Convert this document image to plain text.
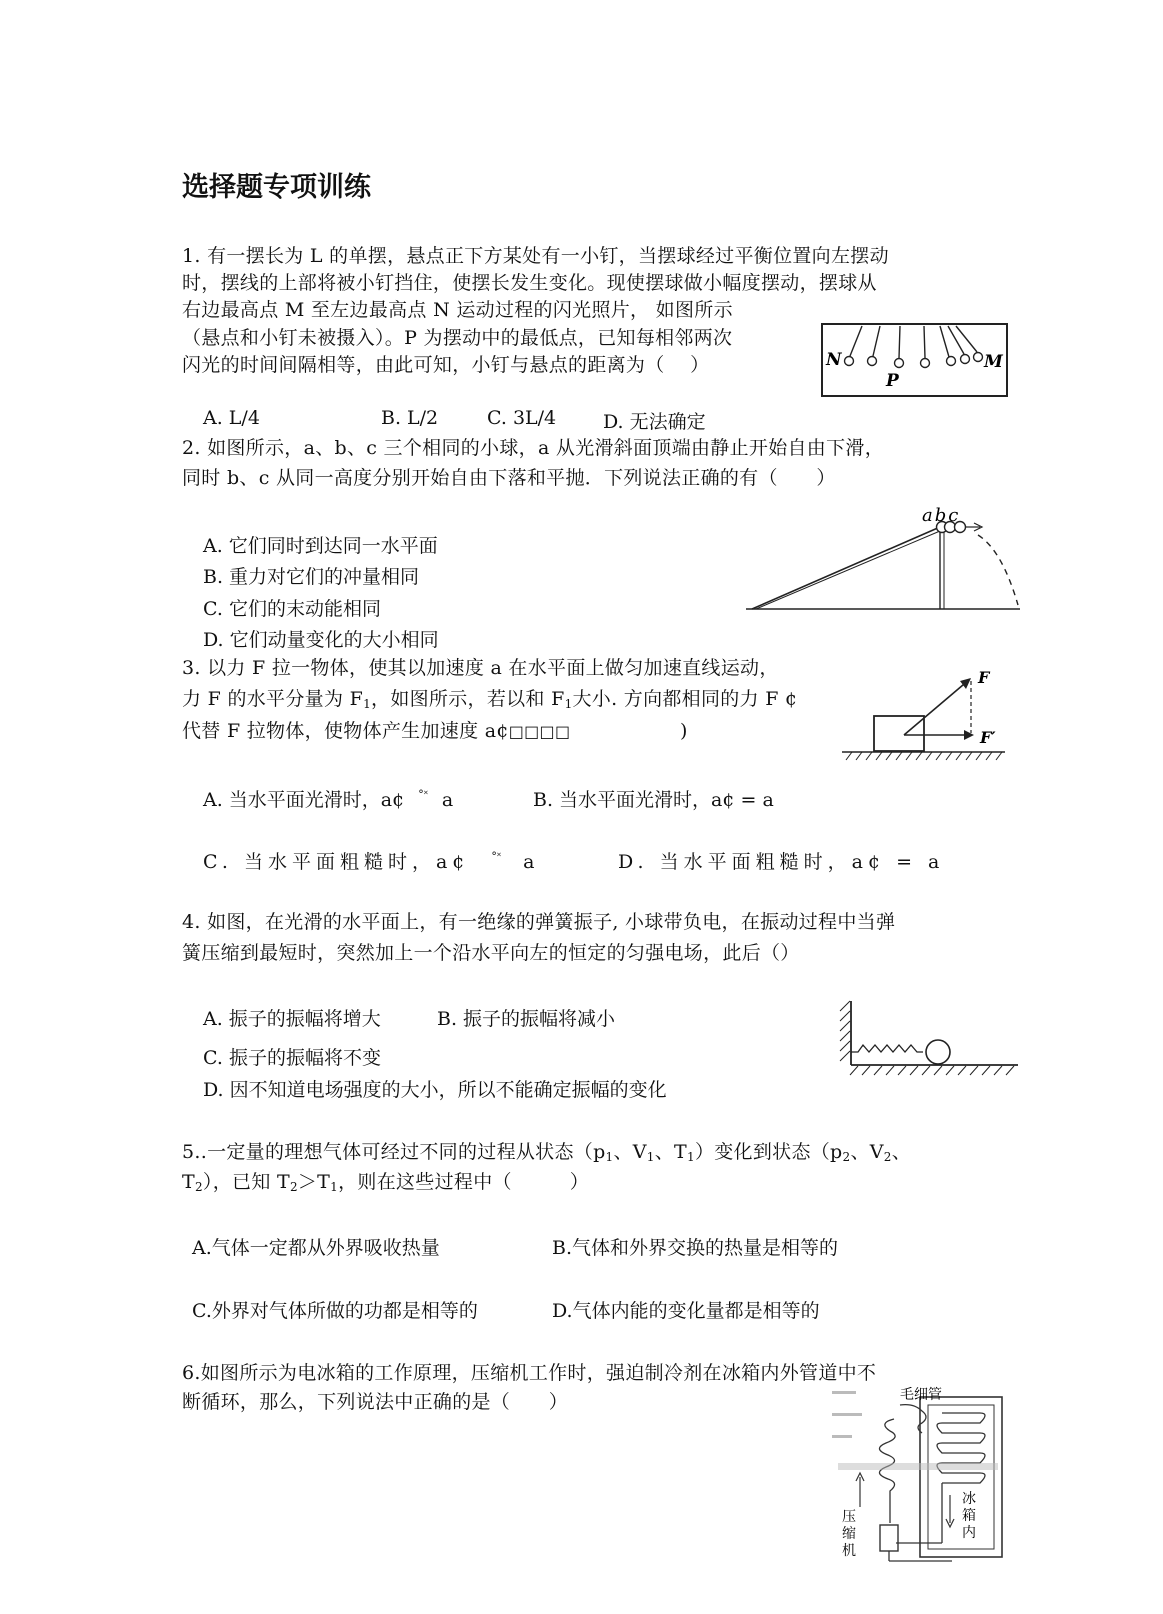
选择题专项训练
1. 有一摆长为 L 的单摆，悬点正下方某处有一小钉，当摆球经过平衡位置向左摆动
时，摆线的上部将被小钉挡住，使摆长发生变化。现使摆球做小幅度摆动，摆球从
右边最高点 M 至左边最高点 N 运动过程的闪光照片， 如图所示
（悬点和小钉未被摄入）。P 为摆动中的最低点，已知每相邻两次
闪光的时间间隔相等，由此可知，小钉与悬点的距离为（　 ）	N
P
M
A. L/4	B. L/2	C. 3L/4 D. 无法确定
2. 如图所示，a、b、c 三个相同的小球，a 从光滑斜面顶端由静止开始自由下滑，
同时 b、c 从同一高度分别开始自由下落和平抛．下列说法正确的有（　　）
abc
A. 它们同时到达同一水平面
B. 重力对它们的冲量相同
C. 它们的末动能相同
D. 它们动量变化的大小相同
3. 以力 F 拉一物体，使其以加速度 a 在水平面上做匀加速直线运动，
力 F 的水平分量为 $F_1$，如图所示，若以和 $F_1$大小. 方向都相同的力 F ¢
代替 F 拉物体，使物体产生加速度 a¢□□□□	)
F
F′
A. 当水平面光滑时，a¢ °˟ a	B. 当水平面光滑时，a¢ = a
C. 当水平面粗糙时，a¢ °˟ a	D. 当水平面粗糙时，a¢ = a
4. 如图，在光滑的水平面上，有一绝缘的弹簧振子, 小球带负电，在振动过程中当弹
簧压缩到最短时，突然加上一个沿水平向左的恒定的匀强电场，此后（）
A. 振子的振幅将增大	B. 振子的振幅将减小
C. 振子的振幅将不变
D. 因不知道电场强度的大小，所以不能确定振幅的变化
5..一定量的理想气体可经过不同的过程从状态（$p_1$、$V_1$、$T_1$）变化到状态（$p_2$、$V_2$、
$T_2$），已知 $T_2>T_1$，则在这些过程中（　　　）
A.气体一定都从外界吸收热量	B.气体和外界交换的热量是相等的
C.外界对气体所做的功都是相等的	D.气体内能的变化量都是相等的
6.如图所示为电冰箱的工作原理，压缩机工作时，强迫制冷剂在冰箱内外管道中不
断循环，那么，下列说法中正确的是（　　）	毛细管
压
缩
机
冰
箱
内
